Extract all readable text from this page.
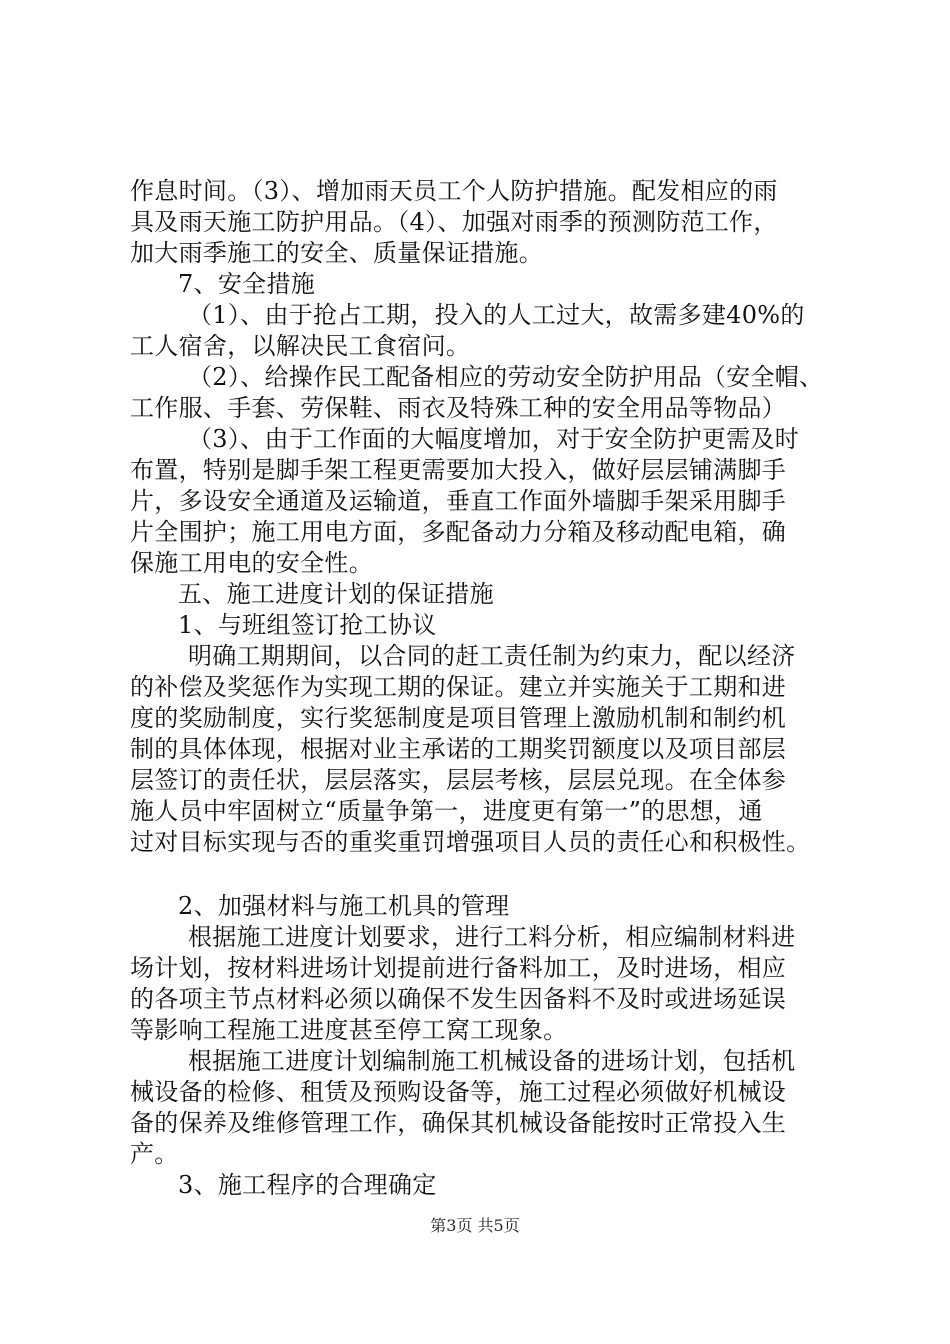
作息时间。（3）、增加雨天员工个人防护措施。配发相应的雨
具及雨天施工防护用品。（4）、加强对雨季的预测防范工作，
加大雨季施工的安全、质量保证措施。
7、安全措施
（1）、由于抢占工期，投入的人工过大，故需多建40%的
工人宿舍，以解决民工食宿问。
（2）、给操作民工配备相应的劳动安全防护用品（安全帽、
工作服、手套、劳保鞋、雨衣及特殊工种的安全用品等物品）
（3）、由于工作面的大幅度增加，对于安全防护更需及时
布置，特别是脚手架工程更需要加大投入，做好层层铺满脚手
片，多设安全通道及运输道，垂直工作面外墙脚手架采用脚手
片全围护；施工用电方面，多配备动力分箱及移动配电箱，确
保施工用电的安全性。
五、施工进度计划的保证措施
1、与班组签订抢工协议
明确工期期间，以合同的赶工责任制为约束力，配以经济
的补偿及奖惩作为实现工期的保证。建立并实施关于工期和进
度的奖励制度，实行奖惩制度是项目管理上激励机制和制约机
制的具体体现，根据对业主承诺的工期奖罚额度以及项目部层
层签订的责任状，层层落实，层层考核，层层兑现。在全体参
施人员中牢固树立“质量争第一，进度更有第一”的思想，通
过对目标实现与否的重奖重罚增强项目人员的责任心和积极性。
2、加强材料与施工机具的管理
根据施工进度计划要求，进行工料分析，相应编制材料进
场计划，按材料进场计划提前进行备料加工，及时进场，相应
的各项主节点材料必须以确保不发生因备料不及时或进场延误
等影响工程施工进度甚至停工窝工现象。
根据施工进度计划编制施工机械设备的进场计划，包括机
械设备的检修、租赁及预购设备等，施工过程必须做好机械设
备的保养及维修管理工作，确保其机械设备能按时正常投入生
产。
3、施工程序的合理确定
第3页 共5页
